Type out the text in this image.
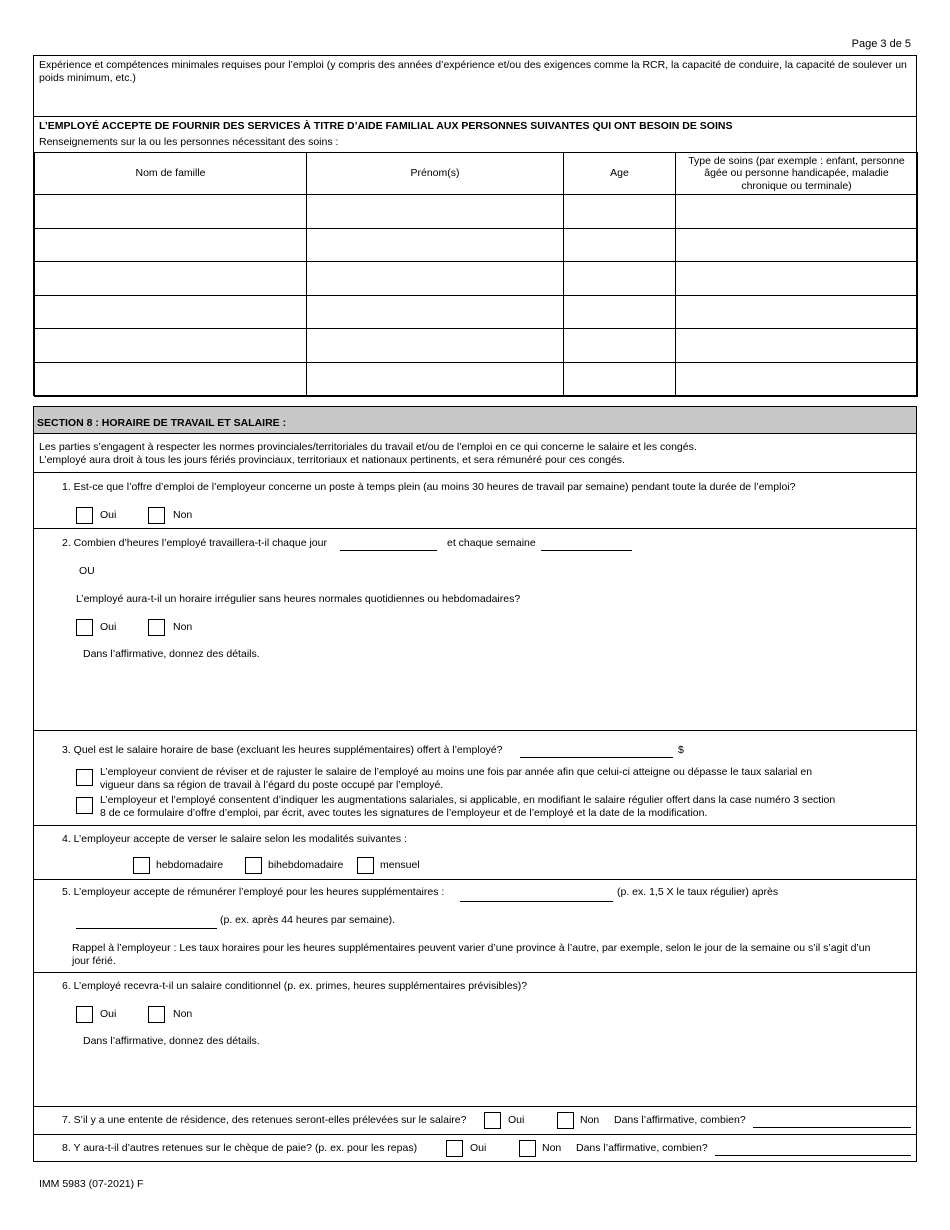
Page 3 de 5
Expérience et compétences minimales requises pour l’emploi (y compris des années d’expérience et/ou des exigences comme la RCR, la capacité de conduire, la capacité de soulever un poids minimum, etc.)
L’EMPLOYÉ ACCEPTE DE FOURNIR DES SERVICES À TITRE D’AIDE FAMILIAL AUX PERSONNES SUIVANTES QUI ONT BESOIN DE SOINS
Renseignements sur la ou les personnes nécessitant des soins :
Nom de famille	Prénom(s)	Age	Type de soins (par exemple : enfant, personne âgée ou personne handicapée, maladie chronique ou terminale)

SECTION 8 : HORAIRE DE TRAVAIL ET SALAIRE :
Les parties s’engagent à respecter les normes provinciales/territoriales du travail et/ou de l’emploi en ce qui concerne le salaire et les congés.
L’employé aura droit à tous les jours fériés provinciaux, territoriaux et nationaux pertinents, et sera rémunéré pour ces congés.
1. Est-ce que l’offre d’emploi de l’employeur concerne un poste à temps plein (au moins 30 heures de travail par semaine) pendant toute la durée de l’emploi?
Oui	Non
2. Combien d’heures l’employé travaillera-t-il chaque jour	et chaque semaine
OU
L’employé aura-t-il un horaire irrégulier sans heures normales quotidiennes ou hebdomadaires?
Oui	Non
Dans l’affirmative, donnez des détails.
3. Quel est le salaire horaire de base (excluant les heures supplémentaires) offert à l’employé?	$
L’employeur convient de réviser et de rajuster le salaire de l’employé au moins une fois par année afin que celui-ci atteigne ou dépasse le taux salarial en
vigueur dans sa région de travail à l’égard du poste occupé par l’employé.
L’employeur et l’employé consentent d’indiquer les augmentations salariales, si applicable, en modifiant le salaire régulier offert dans la case numéro 3 section
8 de ce formulaire d’offre d’emploi, par écrit, avec toutes les signatures de l’employeur et de l’employé et la date de la modification.
4. L’employeur accepte de verser le salaire selon les modalités suivantes :
hebdomadaire	bihebdomadaire	mensuel
5. L’employeur accepte de rémunérer l’employé pour les heures supplémentaires :	(p. ex. 1,5 X le taux régulier) après
(p. ex. après 44 heures par semaine).
Rappel à l’employeur : Les taux horaires pour les heures supplémentaires peuvent varier d’une province à l’autre, par exemple, selon le jour de la semaine ou s’il s’agit d’un
jour férié.
6. L’employé recevra-t-il un salaire conditionnel (p. ex. primes, heures supplémentaires prévisibles)?
Oui	Non
Dans l’affirmative, donnez des détails.
7. S’il y a une entente de résidence, des retenues seront-elles prélevées sur le salaire?	Oui	Non Dans l’affirmative, combien?
8. Y aura-t-il d’autres retenues sur le chèque de paie? (p. ex. pour les repas)	Oui	Non Dans l’affirmative, combien?
IMM 5983 (07-2021) F
